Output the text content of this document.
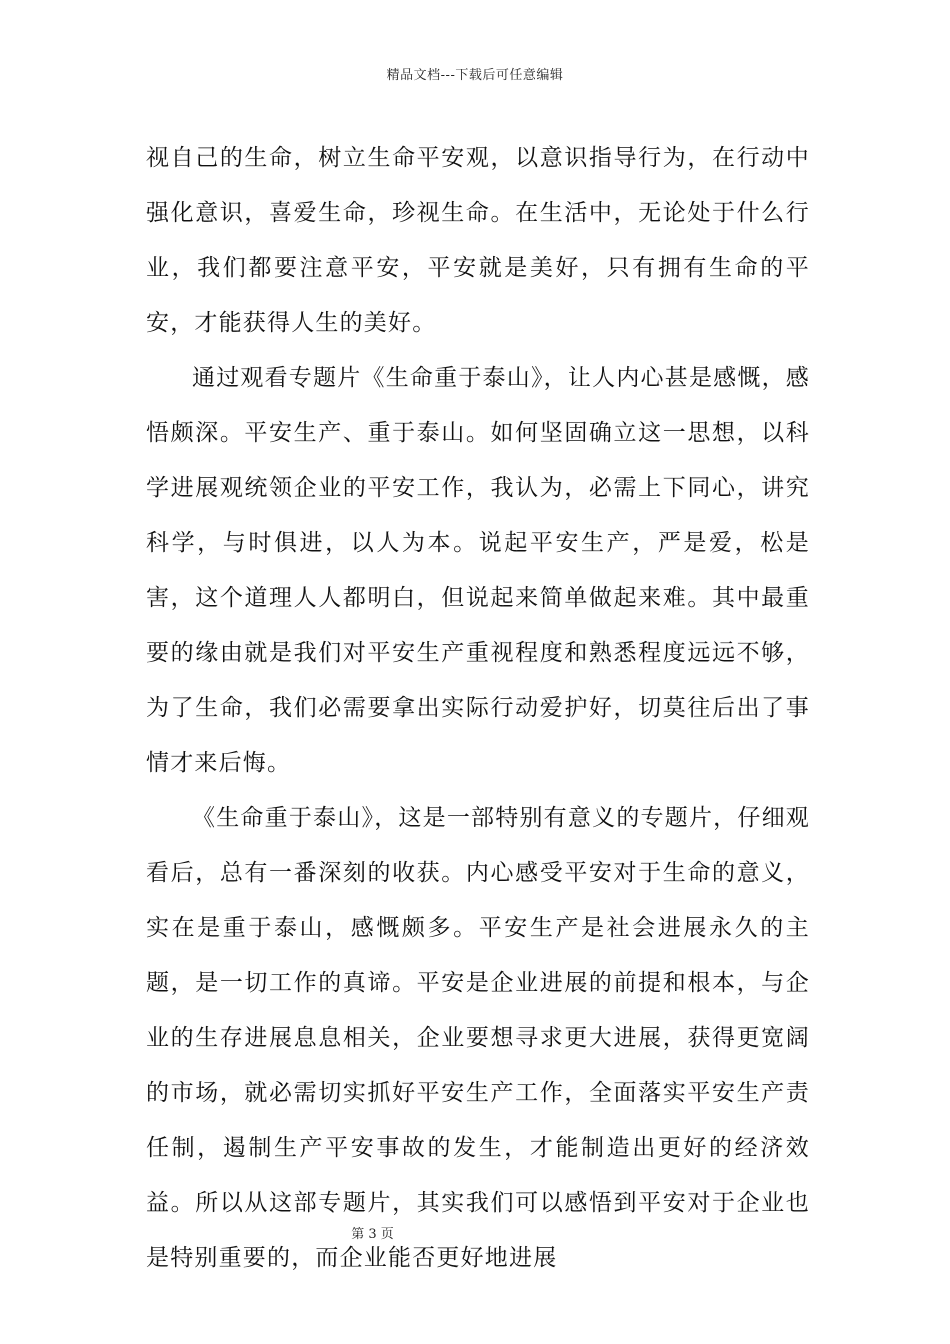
精品文档---下载后可任意编辑

视自己的生命，树立生命平安观，以意识指导行为，在行动中强化意识，喜爱生命，珍视生命。在生活中，无论处于什么行业，我们都要注意平安，平安就是美好，只有拥有生命的平安，才能获得人生的美好。

通过观看专题片《生命重于泰山》，让人内心甚是感慨，感悟颇深。平安生产、重于泰山。如何坚固确立这一思想，以科学进展观统领企业的平安工作，我认为，必需上下同心，讲究科学，与时俱进，以人为本。说起平安生产，严是爱，松是害，这个道理人人都明白，但说起来简单做起来难。其中最重要的缘由就是我们对平安生产重视程度和熟悉程度远远不够，为了生命，我们必需要拿出实际行动爱护好，切莫往后出了事情才来后悔。

《生命重于泰山》，这是一部特别有意义的专题片，仔细观看后，总有一番深刻的收获。内心感受平安对于生命的意义，实在是重于泰山，感慨颇多。平安生产是社会进展永久的主题，是一切工作的真谛。平安是企业进展的前提和根本，与企业的生存进展息息相关，企业要想寻求更大进展，获得更宽阔的市场，就必需切实抓好平安生产工作，全面落实平安生产责任制，遏制生产平安事故的发生，才能制造出更好的经济效益。所以从这部专题片，其实我们可以感悟到平安对于企业也是特别重要的，而企业能否更好地进展

第 3 页
